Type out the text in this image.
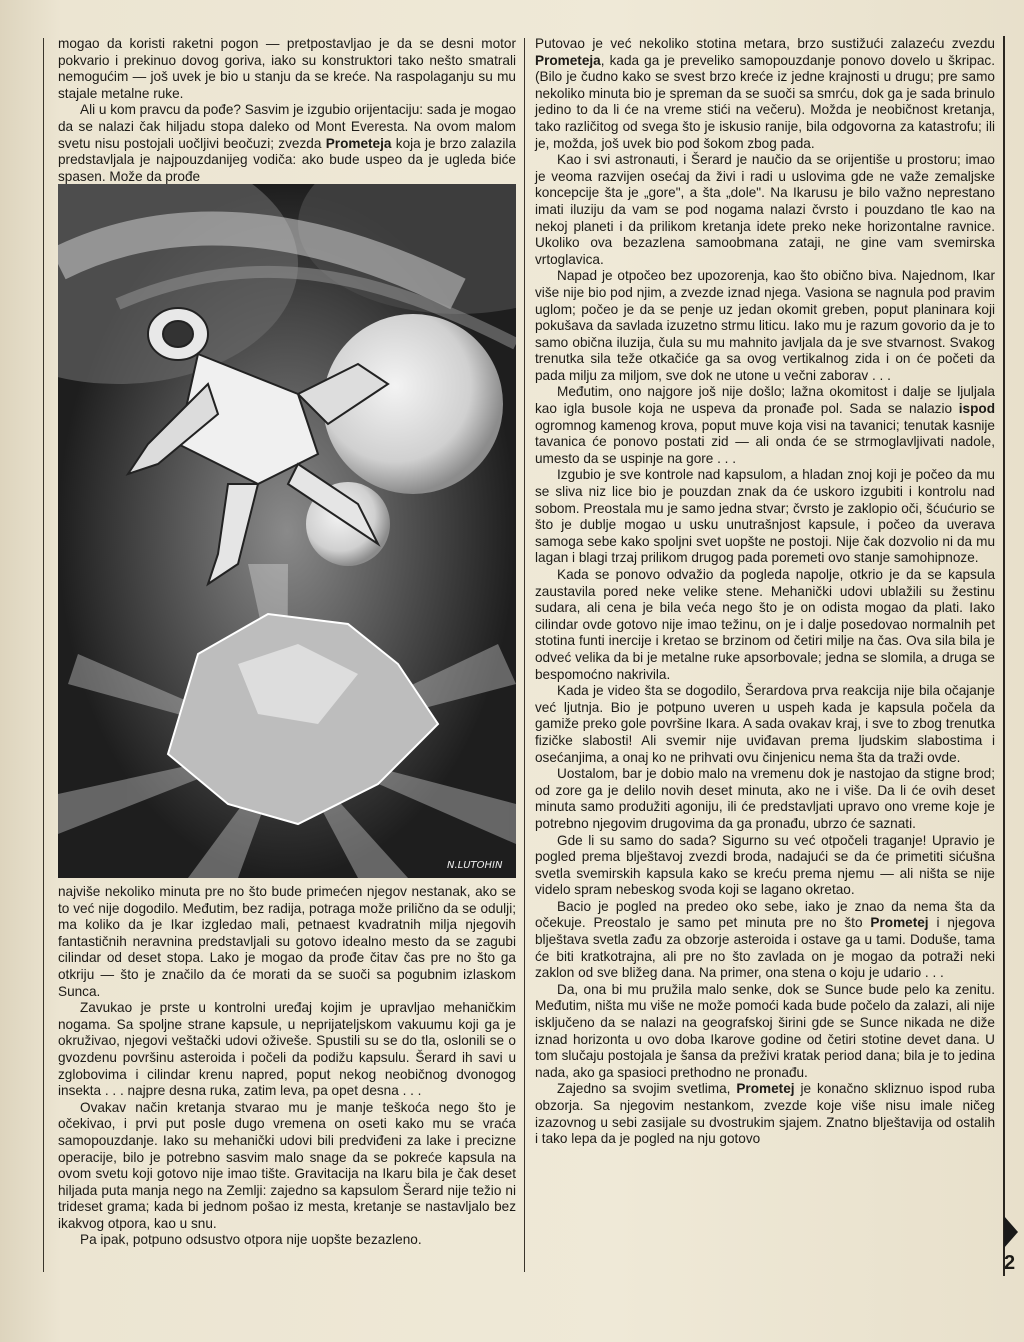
mogao da koristi raketni pogon — pretpostavljao je da se desni motor pokvario i prekinuo dovog goriva, iako su konstruktori tako nešto smatrali nemogućim — još uvek je bio u stanju da se kreće. Na raspolaganju su mu stajale metalne ruke.

Ali u kom pravcu da pođe? Sasvim je izgubio orijentaciju: sada je mogao da se nalazi čak hiljadu stopa daleko od Mont Everesta. Na ovom malom svetu nisu postojali uočljivi beočuzi; zvezda Prometeja koja je brzo zalazila predstavljala je najpouzdanijeg vodiča: ako bude uspeo da je ugleda biće spasen. Može da prođe

N.LUTOHIN

najviše nekoliko minuta pre no što bude primećen njegov nestanak, ako se to već nije dogodilo. Međutim, bez radija, potraga može prilično da se odulji; ma koliko da je Ikar izgledao mali, petnaest kvadratnih milja njegovih fantastičnih neravnina predstavljali su gotovo idealno mesto da se zagubi cilindar od deset stopa. Lako je mogao da prođe čitav čas pre no što ga otkriju — što je značilo da će morati da se suoči sa pogubnim izlaskom Sunca.

Zavukao je prste u kontrolni uređaj kojim je upravljao mehaničkim nogama. Sa spoljne strane kapsule, u neprijateljskom vakuumu koji ga je okruživao, njegovi veštački udovi oživeše. Spustili su se do tla, oslonili se o gvozdenu površinu asteroida i počeli da podižu kapsulu. Šerard ih savi u zglobovima i cilindar krenu napred, poput nekog neobičnog dvonogog insekta . . . najpre desna ruka, zatim leva, pa opet desna . . .

Ovakav način kretanja stvarao mu je manje teškoća nego što je očekivao, i prvi put posle dugo vremena on oseti kako mu se vraća samopouzdanje. Iako su mehanički udovi bili predviđeni za lake i precizne operacije, bilo je potrebno sasvim malo snage da se pokreće kapsula na ovom svetu koji gotovo nije imao tište. Gravitacija na Ikaru bila je čak deset hiljada puta manja nego na Zemlji: zajedno sa kapsulom Šerard nije težio ni trideset grama; kada bi jednom pošao iz mesta, kretanje se nastavljalo bez ikakvog otpora, kao u snu.

Pa ipak, potpuno odsustvo otpora nije uopšte bezazleno.

Putovao je već nekoliko stotina metara, brzo sustižući zalazeću zvezdu Prometeja, kada ga je preveliko samopouzdanje ponovo dovelo u škripac. (Bilo je čudno kako se svest brzo kreće iz jedne krajnosti u drugu; pre samo nekoliko minuta bio je spreman da se suoči sa smrću, dok ga je sada brinulo jedino to da li će na vreme stići na večeru). Možda je neobičnost kretanja, tako različitog od svega što je iskusio ranije, bila odgovorna za katastrofu; ili je, možda, još uvek bio pod šokom zbog pada.

Kao i svi astronauti, i Šerard je naučio da se orijentiše u prostoru; imao je veoma razvijen osećaj da živi i radi u uslovima gde ne važe zemaljske koncepcije šta je „gore", a šta „dole". Na Ikarusu je bilo važno neprestano imati iluziju da vam se pod nogama nalazi čvrsto i pouzdano tle kao na nekoj planeti i da prilikom kretanja idete preko neke horizontalne ravnice. Ukoliko ova bezazlena samoobmana zataji, ne gine vam svemirska vrtoglavica.

Napad je otpočeo bez upozorenja, kao što obično biva. Najednom, Ikar više nije bio pod njim, a zvezde iznad njega. Vasiona se nagnula pod pravim uglom; počeo je da se penje uz jedan okomit greben, poput planinara koji pokušava da savlada izuzetno strmu liticu. Iako mu je razum govorio da je to samo obična iluzija, čula su mu mahnito javljala da je sve stvarnost. Svakog trenutka sila teže otkačiće ga sa ovog vertikalnog zida i on će početi da pada milju za miljom, sve dok ne utone u večni zaborav . . .

Međutim, ono najgore još nije došlo; lažna okomitost i dalje se ljuljala kao igla busole koja ne uspeva da pronađe pol. Sada se nalazio ispod ogromnog kamenog krova, poput muve koja visi na tavanici; tenutak kasnije tavanica će ponovo postati zid — ali onda će se strmoglavljivati nadole, umesto da se uspinje na gore . . .

Izgubio je sve kontrole nad kapsulom, a hladan znoj koji je počeo da mu se sliva niz lice bio je pouzdan znak da će uskoro izgubiti i kontrolu nad sobom. Preostala mu je samo jedna stvar; čvrsto je zaklopio oči, šćućurio se što je dublje mogao u usku unutrašnjost kapsule, i počeo da uverava samoga sebe kako spoljni svet uopšte ne postoji. Nije čak dozvolio ni da mu lagan i blagi trzaj prilikom drugog pada poremeti ovo stanje samohipnoze.

Kada se ponovo odvažio da pogleda napolje, otkrio je da se kapsula zaustavila pored neke velike stene. Mehanički udovi ublažili su žestinu sudara, ali cena je bila veća nego što je on odista mogao da plati. Iako cilindar ovde gotovo nije imao težinu, on je i dalje posedovao normalnih pet stotina funti inercije i kretao se brzinom od četiri milje na čas. Ova sila bila je odveć velika da bi je metalne ruke apsorbovale; jedna se slomila, a druga se bespomoćno nakrivila.

Kada je video šta se dogodilo, Šerardova prva reakcija nije bila očajanje već ljutnja. Bio je potpuno uveren u uspeh kada je kapsula počela da gamiže preko gole površine Ikara. A sada ovakav kraj, i sve to zbog trenutka fizičke slabosti! Ali svemir nije uviđavan prema ljudskim slabostima i osećanjima, a onaj ko ne prihvati ovu činjenicu nema šta da traži ovde.

Uostalom, bar je dobio malo na vremenu dok je nastojao da stigne brod; od zore ga je delilo novih deset minuta, ako ne i više. Da li će ovih deset minuta samo produžiti agoniju, ili će predstavljati upravo ono vreme koje je potrebno njegovim drugovima da ga pronađu, ubrzo će saznati.

Gde li su samo do sada? Sigurno su već otpočeli traganje! Upravio je pogled prema blještavoj zvezdi broda, nadajući se da će primetiti sićušna svetla svemirskih kapsula kako se kreću prema njemu — ali ništa se nije videlo spram nebeskog svoda koji se lagano okretao.

Bacio je pogled na predeo oko sebe, iako je znao da nema šta da očekuje. Preostalo je samo pet minuta pre no što Prometej i njegova blještava svetla zađu za obzorje asteroida i ostave ga u tami. Doduše, tama će biti kratkotrajna, ali pre no što zavlada on je mogao da potraži neki zaklon od sve bližeg dana. Na primer, ona stena o koju je udario . . .

Da, ona bi mu pružila malo senke, dok se Sunce bude pelo ka zenitu. Međutim, ništa mu više ne može pomoći kada bude počelo da zalazi, ali nije isključeno da se nalazi na geografskoj širini gde se Sunce nikada ne diže iznad horizonta u ovo doba Ikarove godine od četiri stotine devet dana. U tom slučaju postojala je šansa da preživi kratak period dana; bila je to jedina nada, ako ga spasioci prethodno ne pronađu.

Zajedno sa svojim svetlima, Prometej je konačno skliznuo ispod ruba obzorja. Sa njegovim nestankom, zvezde koje više nisu imale ničeg izazovnog u sebi zasijale su dvostrukim sjajem. Znatno blještavija od ostalih i tako lepa da je pogled na nju gotovo

2
